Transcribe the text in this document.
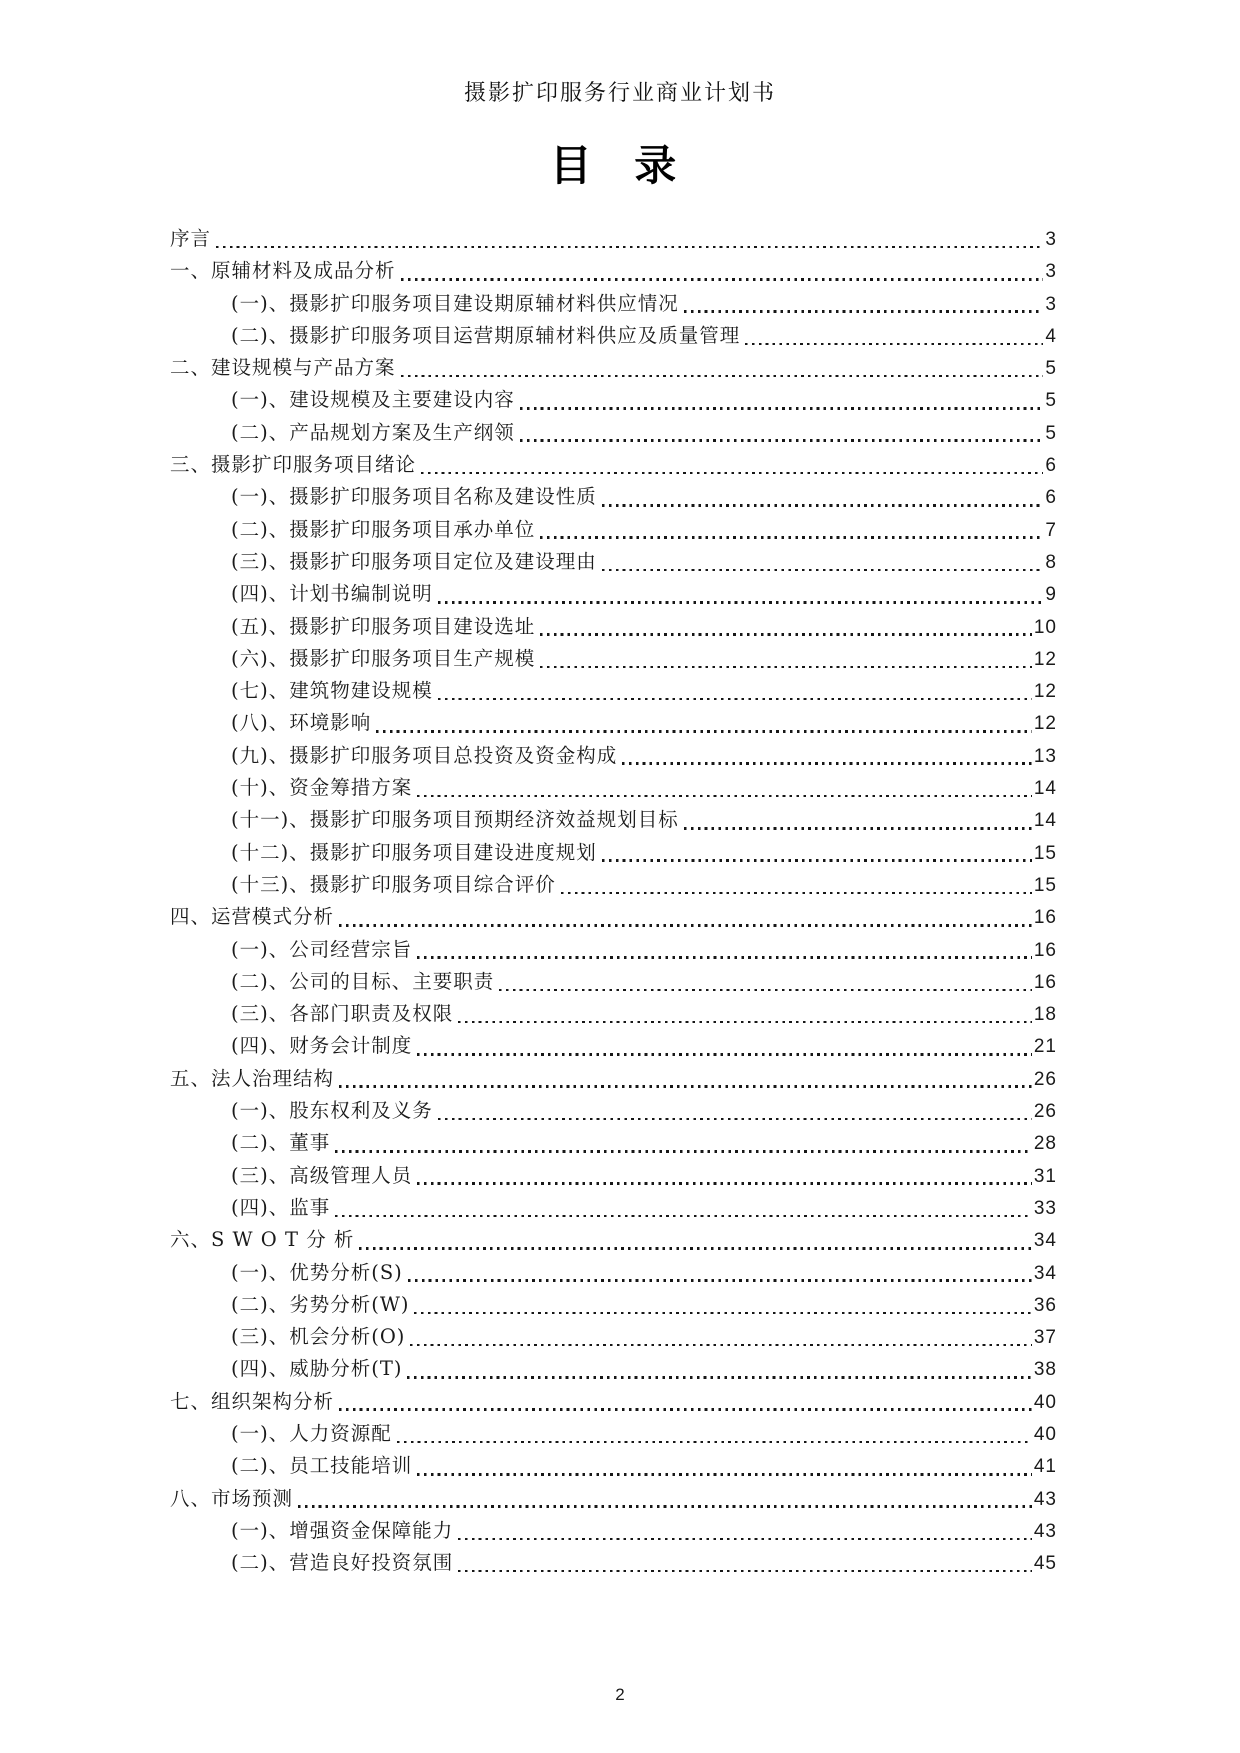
摄影扩印服务行业商业计划书
目 录
序言	3
一、原辅材料及成品分析	3
(一)、摄影扩印服务项目建设期原辅材料供应情况	3
(二)、摄影扩印服务项目运营期原辅材料供应及质量管理	4
二、建设规模与产品方案	5
(一)、建设规模及主要建设内容	5
(二)、产品规划方案及生产纲领	5
三、摄影扩印服务项目绪论	6
(一)、摄影扩印服务项目名称及建设性质	6
(二)、摄影扩印服务项目承办单位	7
(三)、摄影扩印服务项目定位及建设理由	8
(四)、计划书编制说明	9
(五)、摄影扩印服务项目建设选址	10
(六)、摄影扩印服务项目生产规模	12
(七)、建筑物建设规模	12
(八)、环境影响	12
(九)、摄影扩印服务项目总投资及资金构成	13
(十)、资金筹措方案	14
(十一)、摄影扩印服务项目预期经济效益规划目标	14
(十二)、摄影扩印服务项目建设进度规划	15
(十三)、摄影扩印服务项目综合评价	15
四、运营模式分析	16
(一)、公司经营宗旨	16
(二)、公司的目标、主要职责	16
(三)、各部门职责及权限	18
(四)、财务会计制度	21
五、法人治理结构	26
(一)、股东权利及义务	26
(二)、董事	28
(三)、高级管理人员	31
(四)、监事	33
六、S W O T 分 析	34
(一)、优势分析(S)	34
(二)、劣势分析(W)	36
(三)、机会分析(O)	37
(四)、威胁分析(T)	38
七、组织架构分析	40
(一)、人力资源配	40
(二)、员工技能培训	41
八、市场预测	43
(一)、增强资金保障能力	43
(二)、营造良好投资氛围	45
2
